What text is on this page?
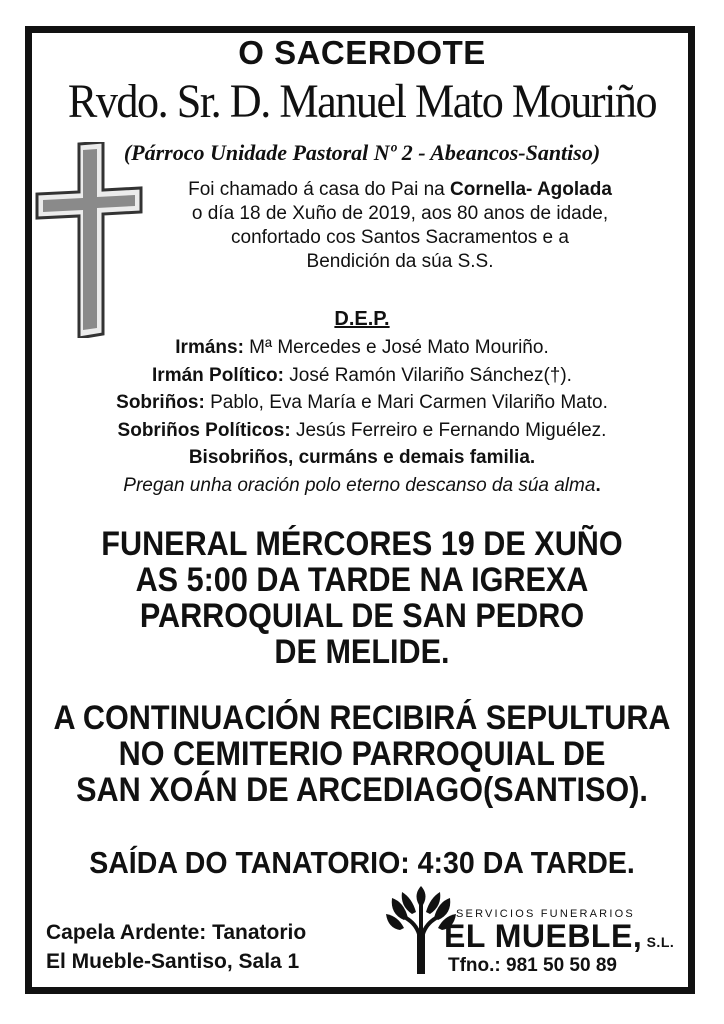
O SACERDOTE
Rvdo. Sr. D. Manuel Mato Mouriño
(Párroco Unidade Pastoral Nº 2 - Abeancos-Santiso)
Foi chamado á casa do Pai na Cornella- Agolada
o día 18 de Xuño de 2019, aos 80 anos de idade,
confortado cos Santos Sacramentos e a
Bendición da súa S.S.
D.E.P.
Irmáns: Mª Mercedes e José Mato Mouriño.
Irmán Político: José Ramón Vilariño Sánchez(†).
Sobriños: Pablo, Eva María e Mari Carmen Vilariño Mato.
Sobriños Políticos: Jesús Ferreiro e Fernando Miguélez.
Bisobriños, curmáns e demais familia.
Pregan unha oración polo eterno descanso da súa alma.
FUNERAL MÉRCORES 19 DE XUÑO
AS 5:00 DA TARDE NA IGREXA
PARROQUIAL DE SAN PEDRO
DE MELIDE.
A CONTINUACIÓN RECIBIRÁ SEPULTURA
NO CEMITERIO PARROQUIAL DE
SAN XOÁN DE ARCEDIAGO(SANTISO).
SAÍDA DO TANATORIO: 4:30 DA TARDE.
Capela Ardente: Tanatorio
El Mueble-Santiso, Sala 1
SERVICIOS FUNERARIOS
EL MUEBLE, S.L.
Tfno.: 981 50 50 89
